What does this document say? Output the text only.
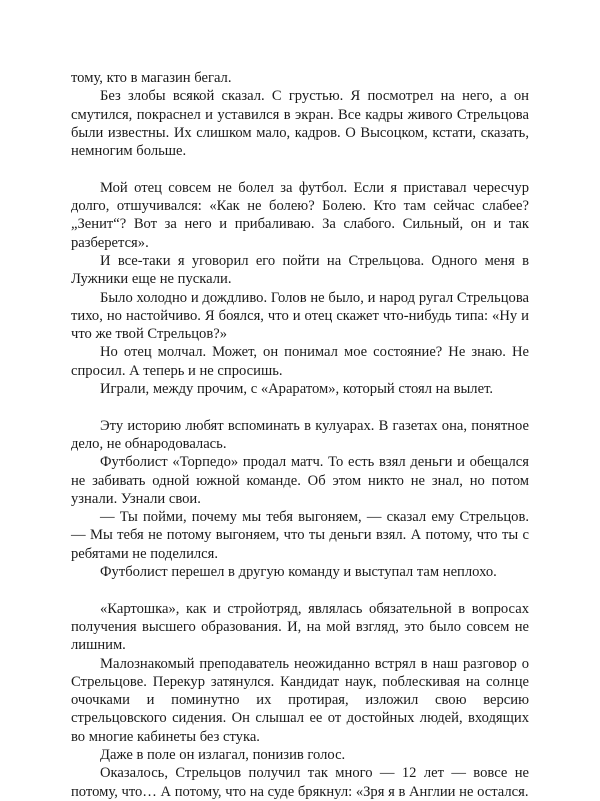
тому, кто в магазин бегал.

Без злобы всякой сказал. С грустью. Я посмотрел на него, а он смутился, покраснел и уставился в экран. Все кадры живого Стрельцова были известны. Их слишком мало, кадров. О Высоцком, кстати, сказать, немногим больше.

Мой отец совсем не болел за футбол. Если я приставал чересчур долго, отшучивался: «Как не болею? Болею. Кто там сейчас слабее? „Зенит“? Вот за него и прибаливаю. За слабого. Сильный, он и так разберется».

И все-таки я уговорил его пойти на Стрельцова. Одного меня в Лужники еще не пускали.

Было холодно и дождливо. Голов не было, и народ ругал Стрельцова тихо, но настойчиво. Я боялся, что и отец скажет что-нибудь типа: «Ну и что же твой Стрельцов?»

Но отец молчал. Может, он понимал мое состояние? Не знаю. Не спросил. А теперь и не спросишь.

Играли, между прочим, с «Араратом», который стоял на вылет.

Эту историю любят вспоминать в кулуарах. В газетах она, понятное дело, не обнародовалась.

Футболист «Торпедо» продал матч. То есть взял деньги и обещался не забивать одной южной команде. Об этом никто не знал, но потом узнали. Узнали свои.

— Ты пойми, почему мы тебя выгоняем, — сказал ему Стрельцов. — Мы тебя не потому выгоняем, что ты деньги взял. А потому, что ты с ребятами не поделился.

Футболист перешел в другую команду и выступал там неплохо.

«Картошка», как и стройотряд, являлась обязательной в вопросах получения высшего образования. И, на мой взгляд, это было совсем не лишним.

Малознакомый преподаватель неожиданно встрял в наш разговор о Стрельцове. Перекур затянулся. Кандидат наук, поблескивая на солнце очочками и поминутно их протирая, изложил свою версию стрельцовского сидения. Он слышал ее от достойных людей, входящих во многие кабинеты без стука.

Даже в поле он излагал, понизив голос.

Оказалось, Стрельцов получил так много — 12 лет — вовсе не потому, что… А потому, что на суде брякнул: «Зря я в Англии не остался.
